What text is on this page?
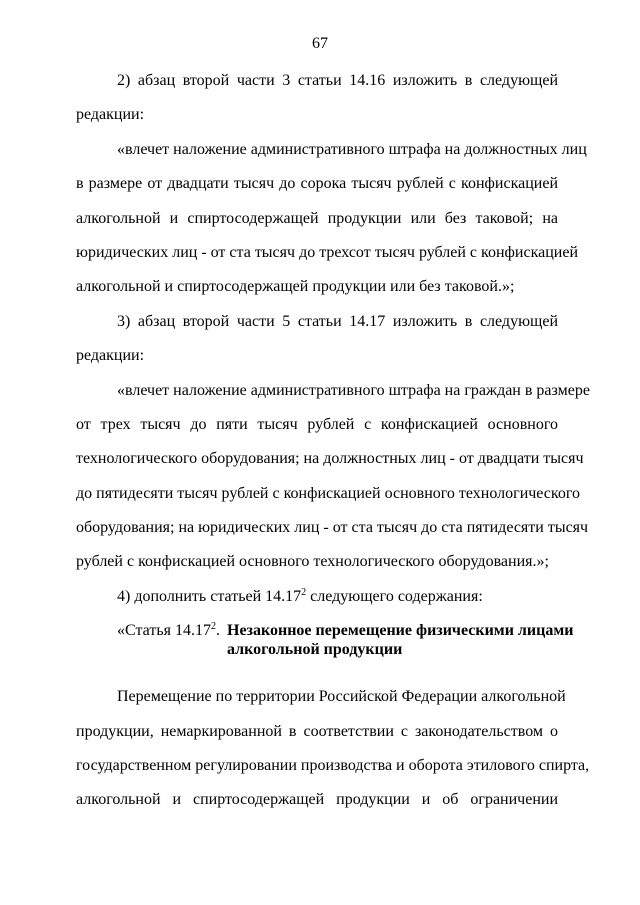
67
2) абзац второй части 3 статьи 14.16 изложить в следующей
редакции:
«влечет наложение административного штрафа на должностных лиц
в размере от двадцати тысяч до сорока тысяч рублей с конфискацией
алкогольной и спиртосодержащей продукции или без таковой; на
юридических лиц - от ста тысяч до трехсот тысяч рублей с конфискацией
алкогольной и спиртосодержащей продукции или без таковой.»;
3) абзац второй части 5 статьи 14.17 изложить в следующей
редакции:
«влечет наложение административного штрафа на граждан в размере
от трех тысяч до пяти тысяч рублей с конфискацией основного
технологического оборудования; на должностных лиц - от двадцати тысяч
до пятидесяти тысяч рублей с конфискацией основного технологического
оборудования; на юридических лиц - от ста тысяч до ста пятидесяти тысяч
рублей с конфискацией основного технологического оборудования.»;
4) дополнить статьей 14.17$^2$ следующего содержания:
«Статья 14.17$^2$. Незаконное перемещение физическими лицами
алкогольной продукции
Перемещение по территории Российской Федерации алкогольной
продукции, немаркированной в соответствии с законодательством о
государственном регулировании производства и оборота этилового спирта,
алкогольной и спиртосодержащей продукции и об ограничении
